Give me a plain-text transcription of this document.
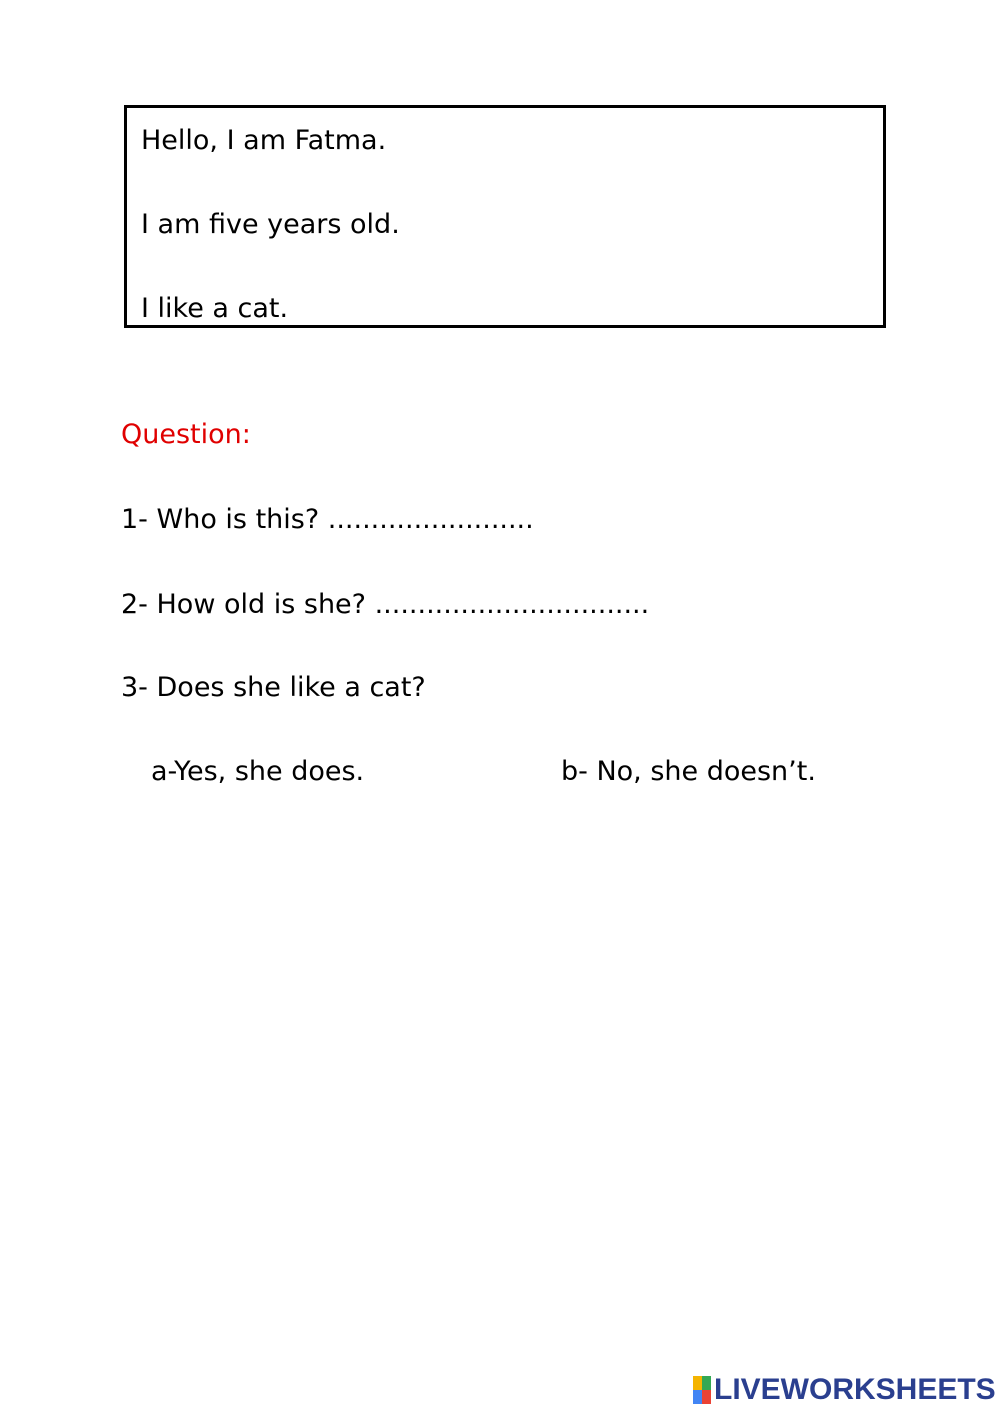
Hello, I am Fatma.
I am five years old.
I like a cat.
Question:
1- Who is this? ........................
2- How old is she? ................................
3- Does she like a cat?
a-Yes, she does.	b- No, she doesn’t.
LIVEWORKSHEETS
